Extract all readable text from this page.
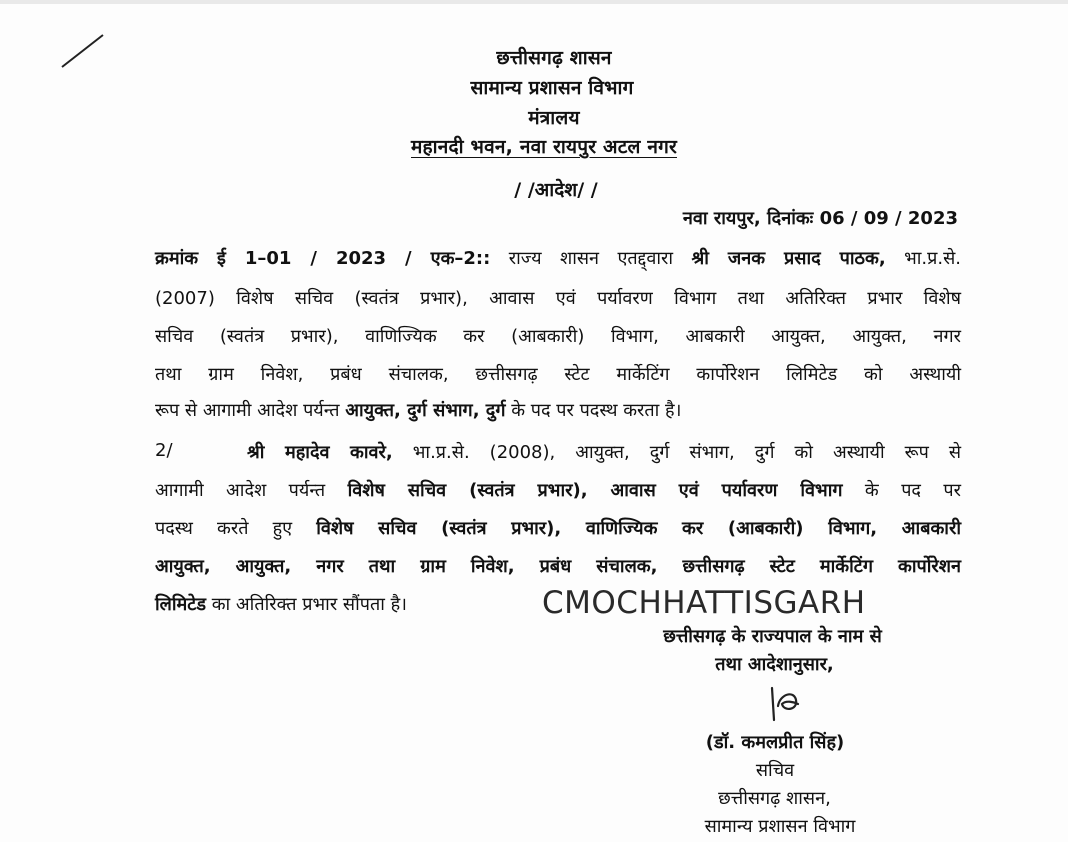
छत्तीसगढ़ शासन
सामान्य प्रशासन विभाग
मंत्रालय
महानदी भवन, नवा रायपुर अटल नगर
/ /आदेश/ /
नवा रायपुर, दिनांकः 06 / 09 / 2023
क्रमांक ई 1–01 / 2023 / एक–2:: राज्य शासन एतद्द्वारा श्री जनक प्रसाद पाठक, भा.प्र.से.
(2007) विशेष सचिव (स्वतंत्र प्रभार), आवास एवं पर्यावरण विभाग तथा अतिरिक्त प्रभार विशेष
सचिव (स्वतंत्र प्रभार), वाणिज्यिक कर (आबकारी) विभाग, आबकारी आयुक्त, आयुक्त, नगर
तथा ग्राम निवेश, प्रबंध संचालक, छत्तीसगढ़ स्टेट मार्केटिंग कार्पोरेशन लिमिटेड को अस्थायी
रूप से आगामी आदेश पर्यन्त आयुक्त, दुर्ग संभाग, दुर्ग के पद पर पदस्थ करता है।
2/	श्री महादेव कावरे, भा.प्र.से. (2008), आयुक्त, दुर्ग संभाग, दुर्ग को अस्थायी रूप से
आगामी आदेश पर्यन्त विशेष सचिव (स्वतंत्र प्रभार), आवास एवं पर्यावरण विभाग के पद पर
पदस्थ करते हुए विशेष सचिव (स्वतंत्र प्रभार), वाणिज्यिक कर (आबकारी) विभाग, आबकारी
आयुक्त, आयुक्त, नगर तथा ग्राम निवेश, प्रबंध संचालक, छत्तीसगढ़ स्टेट मार्केटिंग कार्पोरेशन
लिमिटेड का अतिरिक्त प्रभार सौंपता है।	CMOCHHATTISGARH
छत्तीसगढ़ के राज्यपाल के नाम से
तथा आदेशानुसार,
(डॉ. कमलप्रीत सिंह)
सचिव
छत्तीसगढ़ शासन,
सामान्य प्रशासन विभाग
